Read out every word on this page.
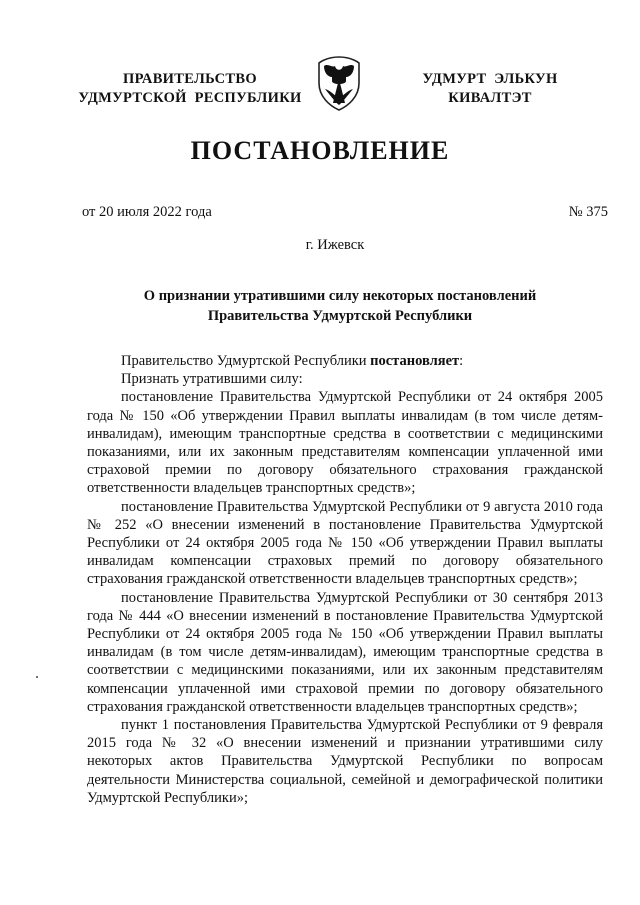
ПРАВИТЕЛЬСТВО
УДМУРТСКОЙ  РЕСПУБЛИКИ
УДМУРТ  ЭЛЬКУН
КИВАЛТЭТ
ПОСТАНОВЛЕНИЕ
от 20 июля 2022 года	№ 375
г. Ижевск
О признании утратившими силу некоторых постановлений
Правительства Удмуртской Республики

Правительство Удмуртской Республики постановляет:

Признать утратившими силу:

постановление Правительства Удмуртской Республики от 24 октября 2005 года № 150 «Об утверждении Правил выплаты инвалидам (в том числе детям-инвалидам), имеющим транспортные средства в соответствии с медицинскими показаниями, или их законным представителям компенсации уплаченной ими страховой премии по договору обязательного страхования гражданской ответственности владельцев транспортных средств»;

постановление Правительства Удмуртской Республики от 9 августа 2010 года № 252 «О внесении изменений в постановление Правительства Удмуртской Республики от 24 октября 2005 года № 150 «Об утверждении Правил выплаты инвалидам компенсации страховых премий по договору обязательного страхования гражданской ответственности владельцев транспортных средств»;

постановление Правительства Удмуртской Республики от 30 сентября 2013 года № 444 «О внесении изменений в постановление Правительства Удмуртской Республики от 24 октября 2005 года № 150 «Об утверждении Правил выплаты инвалидам (в том числе детям-инвалидам), имеющим транспортные средства в соответствии с медицинскими показаниями, или их законным представителям компенсации уплаченной ими страховой премии по договору обязательного страхования гражданской ответственности владельцев транспортных средств»;

пункт 1 постановления Правительства Удмуртской Республики от 9 февраля 2015 года № 32 «О внесении изменений и признании утратившими силу некоторых актов Правительства Удмуртской Республики по вопросам деятельности Министерства социальной, семейной и демографической политики Удмуртской Республики»;
